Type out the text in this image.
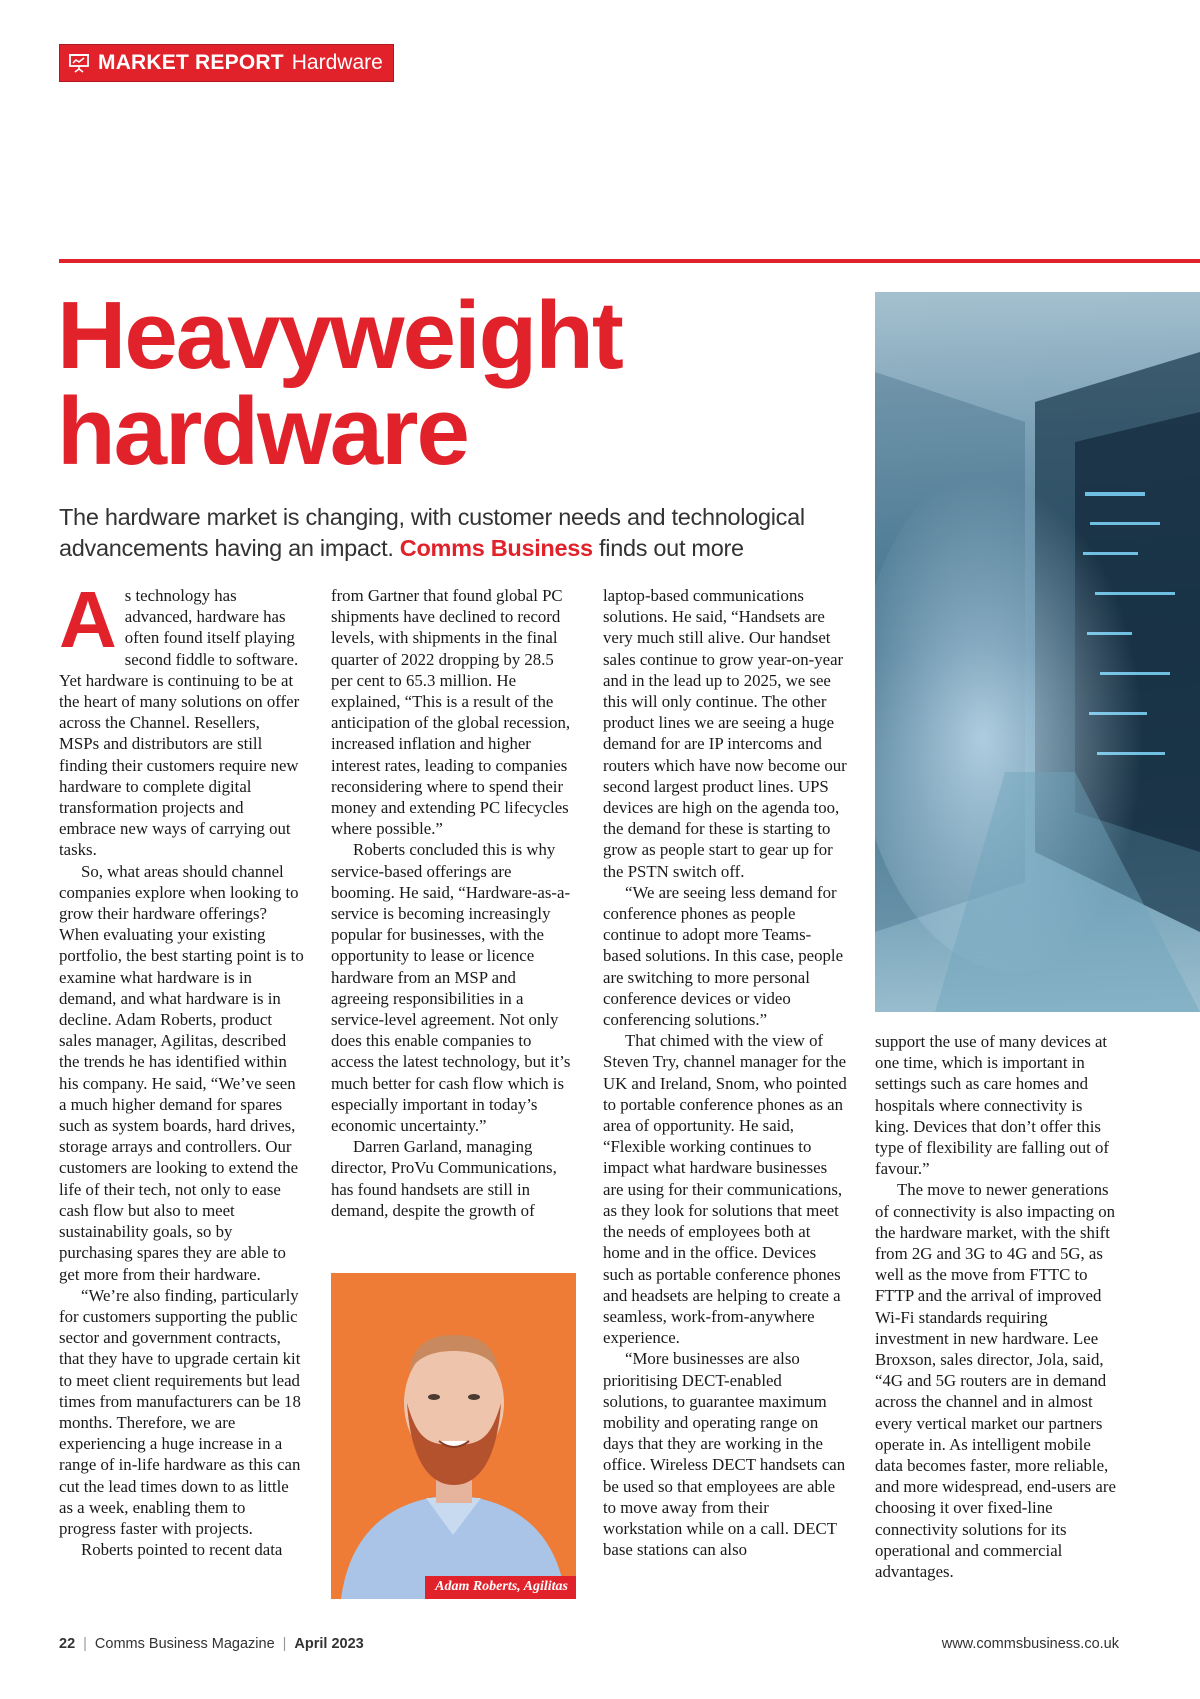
MARKET REPORT Hardware
Heavyweight
hardware

The hardware market is changing, with customer needs and technological advancements having an impact. Comms Business finds out more

As technology has advanced, hardware has often found itself playing second fiddle to software. Yet hardware is continuing to be at the heart of many solutions on offer across the Channel. Resellers, MSPs and distributors are still finding their customers require new hardware to complete digital transformation projects and embrace new ways of carrying out tasks.

So, what areas should channel companies explore when looking to grow their hardware offerings? When evaluating your existing portfolio, the best starting point is to examine what hardware is in demand, and what hardware is in decline. Adam Roberts, product sales manager, Agilitas, described the trends he has identified within his company. He said, “We’ve seen a much higher demand for spares such as system boards, hard drives, storage arrays and controllers. Our customers are looking to extend the life of their tech, not only to ease cash flow but also to meet sustainability goals, so by purchasing spares they are able to get more from their hardware.

“We’re also finding, particularly for customers supporting the public sector and government contracts, that they have to upgrade certain kit to meet client requirements but lead times from manufacturers can be 18 months. Therefore, we are experiencing a huge increase in a range of in-life hardware as this can cut the lead times down to as little as a week, enabling them to progress faster with projects.

Roberts pointed to recent data

from Gartner that found global PC shipments have declined to record levels, with shipments in the final quarter of 2022 dropping by 28.5 per cent to 65.3 million. He explained, “This is a result of the anticipation of the global recession, increased inflation and higher interest rates, leading to companies reconsidering where to spend their money and extending PC lifecycles where possible.”

Roberts concluded this is why service-based offerings are booming. He said, “Hardware-as-a-service is becoming increasingly popular for businesses, with the opportunity to lease or licence hardware from an MSP and agreeing responsibilities in a service-level agreement. Not only does this enable companies to access the latest technology, but it’s much better for cash flow which is especially important in today’s economic uncertainty.”

Darren Garland, managing director, ProVu Communications, has found handsets are still in demand, despite the growth of

Adam Roberts, Agilitas

laptop-based communications solutions. He said, “Handsets are very much still alive. Our handset sales continue to grow year-on-year and in the lead up to 2025, we see this will only continue. The other product lines we are seeing a huge demand for are IP intercoms and routers which have now become our second largest product lines. UPS devices are high on the agenda too, the demand for these is starting to grow as people start to gear up for the PSTN switch off.

“We are seeing less demand for conference phones as people continue to adopt more Teams-based solutions. In this case, people are switching to more personal conference devices or video conferencing solutions.”

That chimed with the view of Steven Try, channel manager for the UK and Ireland, Snom, who pointed to portable conference phones as an area of opportunity. He said, “Flexible working continues to impact what hardware businesses are using for their communications, as they look for solutions that meet the needs of employees both at home and in the office. Devices such as portable conference phones and headsets are helping to create a seamless, work-from-anywhere experience.

“More businesses are also prioritising DECT-enabled solutions, to guarantee maximum mobility and operating range on days that they are working in the office. Wireless DECT handsets can be used so that employees are able to move away from their workstation while on a call. DECT base stations can also

support the use of many devices at one time, which is important in settings such as care homes and hospitals where connectivity is king. Devices that don’t offer this type of flexibility are falling out of favour.”

The move to newer generations of connectivity is also impacting on the hardware market, with the shift from 2G and 3G to 4G and 5G, as well as the move from FTTC to FTTP and the arrival of improved Wi-Fi standards requiring investment in new hardware. Lee Broxson, sales director, Jola, said, “4G and 5G routers are in demand across the channel and in almost every vertical market our partners operate in. As intelligent mobile data becomes faster, more reliable, and more widespread, end-users are choosing it over fixed-line connectivity solutions for its operational and commercial advantages.

22 | Comms Business Magazine | April 2023	www.commsbusiness.co.uk
